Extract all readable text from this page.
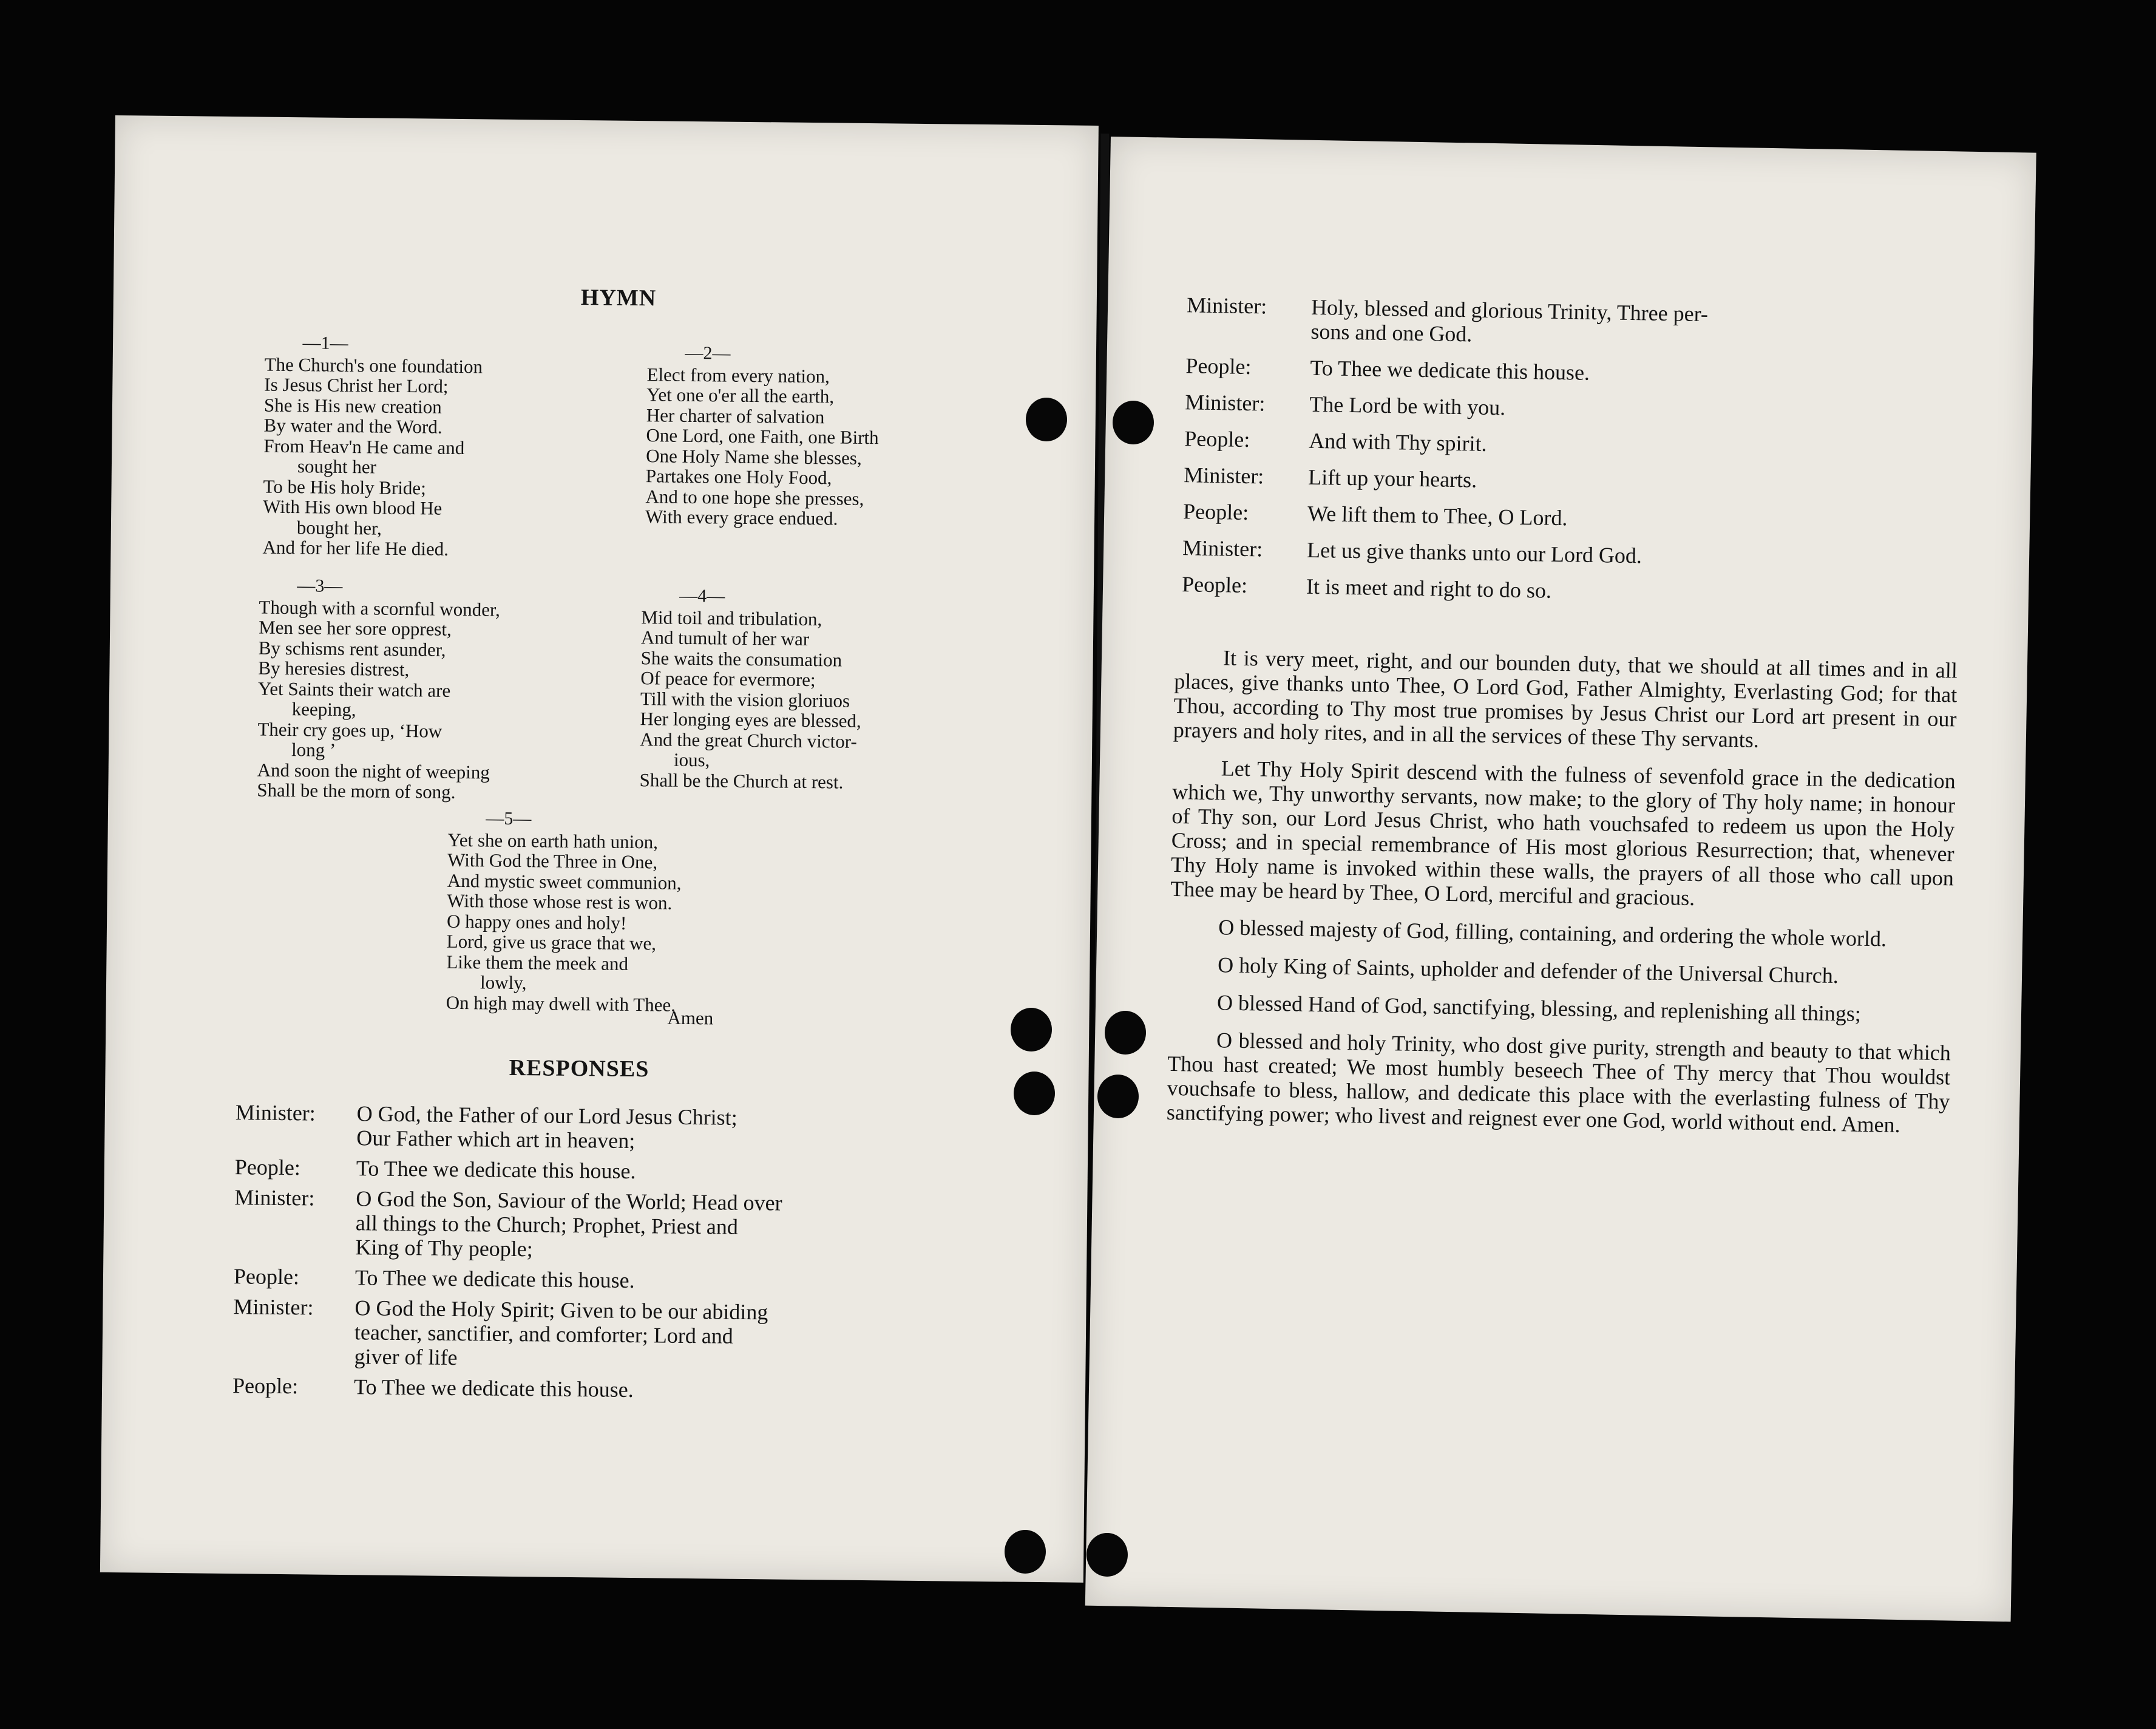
HYMN
—1—
The Church's one foundation
Is Jesus Christ her Lord;
She is His new creation
By water and the Word.
From Heav'n He came and
sought her
To be His holy Bride;
With His own blood He
bought her,
And for her life He died.
—2—
Elect from every nation,
Yet one o'er all the earth,
Her charter of salvation
One Lord, one Faith, one Birth
One Holy Name she blesses,
Partakes one Holy Food,
And to one hope she presses,
With every grace endued.
—3—
Though with a scornful wonder,
Men see her sore opprest,
By schisms rent asunder,
By heresies distrest,
Yet Saints their watch are
keeping,
Their cry goes up, ‘How
long ’
And soon the night of weeping
Shall be the morn of song.
—4—
Mid toil and tribulation,
And tumult of her war
She waits the consumation
Of peace for evermore;
Till with the vision gloriuos
Her longing eyes are blessed,
And the great Church victor-
ious,
Shall be the Church at rest.
—5—
Yet she on earth hath union,
With God the Three in One,
And mystic sweet communion,
With those whose rest is won.
O happy ones and holy!
Lord, give us grace that we,
Like them the meek and
lowly,
On high may dwell with Thee.
Amen
RESPONSES
Minister:	O God, the Father of our Lord Jesus Christ;
Our Father which art in heaven;
People:	To Thee we dedicate this house.
Minister:	O God the Son, Saviour of the World; Head over
all things to the Church; Prophet, Priest and
King of Thy people;
People:	To Thee we dedicate this house.
Minister:	O God the Holy Spirit; Given to be our abiding
teacher, sanctifier, and comforter; Lord and
giver of life
People:	To Thee we dedicate this house.
Minister:	Holy, blessed and glorious Trinity, Three per-
sons and one God.
People:	To Thee we dedicate this house.
Minister:	The Lord be with you.
People:	And with Thy spirit.
Minister:	Lift up your hearts.
People:	We lift them to Thee, O Lord.
Minister:	Let us give thanks unto our Lord God.
People:	It is meet and right to do so.

It is very meet, right, and our bounden duty, that we should at all times and in all places, give thanks unto Thee, O Lord God, Father Almighty, Everlasting God; for that Thou, according to Thy most true promises by Jesus Christ our Lord art present in our prayers and holy rites, and in all the services of these Thy servants.

Let Thy Holy Spirit descend with the fulness of sevenfold grace in the dedication which we, Thy unworthy servants, now make; to the glory of Thy holy name; in honour of Thy son, our Lord Jesus Christ, who hath vouchsafed to redeem us upon the Holy Cross; and in special remembrance of His most glorious Resurrection; that, whenever Thy Holy name is invoked within these walls, the prayers of all those who call upon Thee may be heard by Thee, O Lord, merciful and gracious.

O blessed majesty of God, filling, containing, and ordering the whole world.

O holy King of Saints, upholder and defender of the Universal Church.

O blessed Hand of God, sanctifying, blessing, and replenishing all things;

O blessed and holy Trinity, who dost give purity, strength and beauty to that which Thou hast created; We most humbly beseech Thee of Thy mercy that Thou wouldst vouchsafe to bless, hallow, and dedicate this place with the everlasting fulness of Thy sanctifying power; who livest and reignest ever one God, world without end. Amen.
